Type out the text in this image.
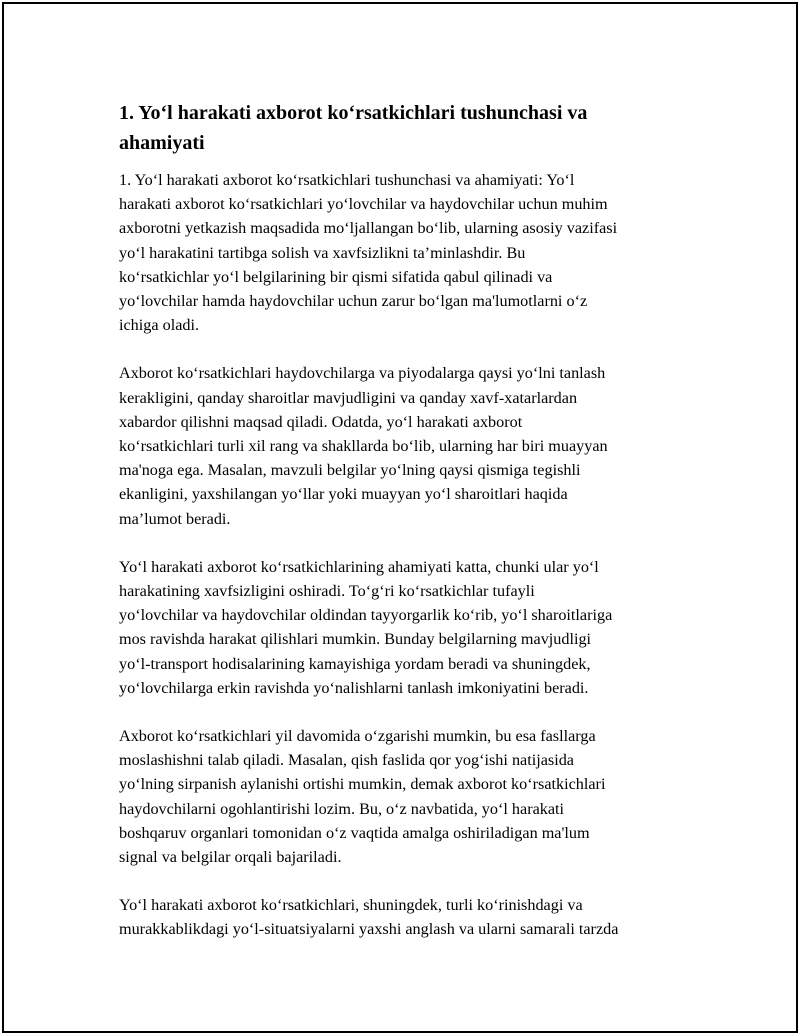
1. Yo‘l harakati axborot ko‘rsatkichlari tushunchasi va
ahamiyati

1. Yo‘l harakati axborot ko‘rsatkichlari tushunchasi va ahamiyati: Yo‘l
harakati axborot ko‘rsatkichlari yo‘lovchilar va haydovchilar uchun muhim
axborotni yetkazish maqsadida mo‘ljallangan bo‘lib, ularning asosiy vazifasi
yo‘l harakatini tartibga solish va xavfsizlikni ta’minlashdir. Bu
ko‘rsatkichlar yo‘l belgilarining bir qismi sifatida qabul qilinadi va
yo‘lovchilar hamda haydovchilar uchun zarur bo‘lgan ma'lumotlarni o‘z
ichiga oladi.

Axborot ko‘rsatkichlari haydovchilarga va piyodalarga qaysi yo‘lni tanlash
kerakligini, qanday sharoitlar mavjudligini va qanday xavf-xatarlardan
xabardor qilishni maqsad qiladi. Odatda, yo‘l harakati axborot
ko‘rsatkichlari turli xil rang va shakllarda bo‘lib, ularning har biri muayyan
ma'noga ega. Masalan, mavzuli belgilar yo‘lning qaysi qismiga tegishli
ekanligini, yaxshilangan yo‘llar yoki muayyan yo‘l sharoitlari haqida
ma’lumot beradi.

Yo‘l harakati axborot ko‘rsatkichlarining ahamiyati katta, chunki ular yo‘l
harakatining xavfsizligini oshiradi. To‘g‘ri ko‘rsatkichlar tufayli
yo‘lovchilar va haydovchilar oldindan tayyorgarlik ko‘rib, yo‘l sharoitlariga
mos ravishda harakat qilishlari mumkin. Bunday belgilarning mavjudligi
yo‘l-transport hodisalarining kamayishiga yordam beradi va shuningdek,
yo‘lovchilarga erkin ravishda yo‘nalishlarni tanlash imkoniyatini beradi.

Axborot ko‘rsatkichlari yil davomida o‘zgarishi mumkin, bu esa fasllarga
moslashishni talab qiladi. Masalan, qish faslida qor yog‘ishi natijasida
yo‘lning sirpanish aylanishi ortishi mumkin, demak axborot ko‘rsatkichlari
haydovchilarni ogohlantirishi lozim. Bu, o‘z navbatida, yo‘l harakati
boshqaruv organlari tomonidan o‘z vaqtida amalga oshiriladigan ma'lum
signal va belgilar orqali bajariladi.

Yo‘l harakati axborot ko‘rsatkichlari, shuningdek, turli ko‘rinishdagi va
murakkablikdagi yo‘l-situatsiyalarni yaxshi anglash va ularni samarali tarzda
